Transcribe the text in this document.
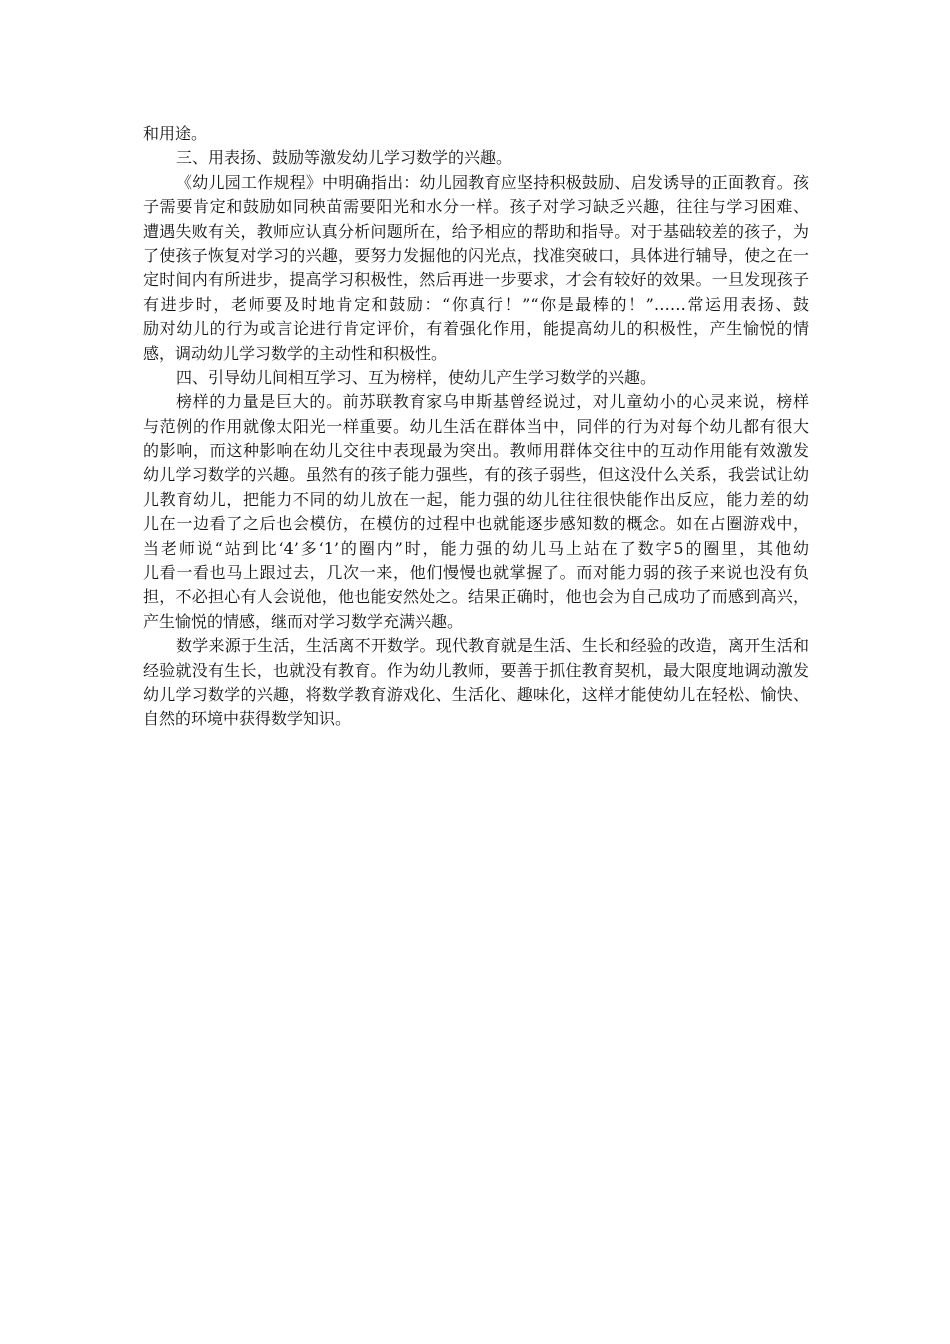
和用途。
三、用表扬、鼓励等激发幼儿学习数学的兴趣。
《幼儿园工作规程》中明确指出：幼儿园教育应坚持积极鼓励、启发诱导的正面教育。孩
子需要肯定和鼓励如同秧苗需要阳光和水分一样。孩子对学习缺乏兴趣，往往与学习困难、
遭遇失败有关，教师应认真分析问题所在，给予相应的帮助和指导。对于基础较差的孩子，为
了使孩子恢复对学习的兴趣，要努力发掘他的闪光点，找准突破口，具体进行辅导，使之在一
定时间内有所进步，提高学习积极性，然后再进一步要求，才会有较好的效果。一旦发现孩子
有进步时，老师要及时地肯定和鼓励：“你真行！”“你是最棒的！”……常运用表扬、鼓
励对幼儿的行为或言论进行肯定评价，有着强化作用，能提高幼儿的积极性，产生愉悦的情
感，调动幼儿学习数学的主动性和积极性。
四、引导幼儿间相互学习、互为榜样，使幼儿产生学习数学的兴趣。
榜样的力量是巨大的。前苏联教育家乌申斯基曾经说过，对儿童幼小的心灵来说，榜样
与范例的作用就像太阳光一样重要。幼儿生活在群体当中，同伴的行为对每个幼儿都有很大
的影响，而这种影响在幼儿交往中表现最为突出。教师用群体交往中的互动作用能有效激发
幼儿学习数学的兴趣。虽然有的孩子能力强些，有的孩子弱些，但这没什么关系，我尝试让幼
儿教育幼儿，把能力不同的幼儿放在一起，能力强的幼儿往往很快能作出反应，能力差的幼
儿在一边看了之后也会模仿，在模仿的过程中也就能逐步感知数的概念。如在占圈游戏中，
当老师说“站到比‘4’多‘1’的圈内”时，能力强的幼儿马上站在了数字5的圈里，其他幼
儿看一看也马上跟过去，几次一来，他们慢慢也就掌握了。而对能力弱的孩子来说也没有负
担，不必担心有人会说他，他也能安然处之。结果正确时，他也会为自己成功了而感到高兴，
产生愉悦的情感，继而对学习数学充满兴趣。
数学来源于生活，生活离不开数学。现代教育就是生活、生长和经验的改造，离开生活和
经验就没有生长，也就没有教育。作为幼儿教师，要善于抓住教育契机，最大限度地调动激发
幼儿学习数学的兴趣，将数学教育游戏化、生活化、趣味化，这样才能使幼儿在轻松、愉快、
自然的环境中获得数学知识。
